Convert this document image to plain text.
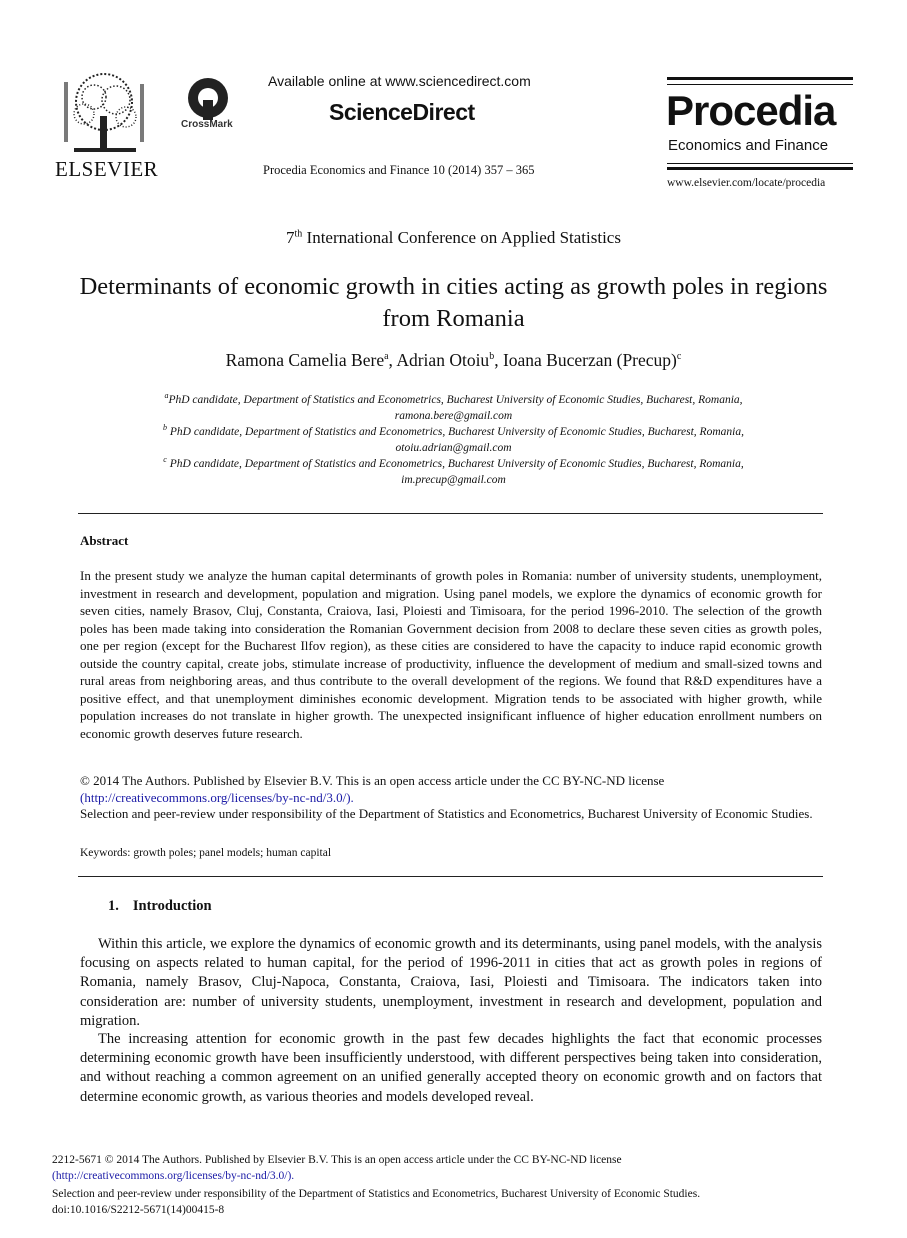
ELSEVIER
CrossMark
Available online at www.sciencedirect.com
ScienceDirect
Procedia Economics and Finance 10 (2014) 357 – 365
Procedia
Economics and Finance
www.elsevier.com/locate/procedia
7th International Conference on Applied Statistics
Determinants of economic growth in cities acting as growth poles in regions from Romania
Ramona Camelia Bere$^a$, Adrian Otoiu$^b$, Ioana Bucerzan (Precup)$^c$
$^a$PhD candidate, Department of Statistics and Econometrics, Bucharest University of Economic Studies, Bucharest, Romania,
ramona.bere@gmail.com
$^b$ PhD candidate, Department of Statistics and Econometrics, Bucharest University of Economic Studies, Bucharest, Romania,
otoiu.adrian@gmail.com
$^c$ PhD candidate, Department of Statistics and Econometrics, Bucharest University of Economic Studies, Bucharest, Romania,
im.precup@gmail.com
Abstract
In the present study we analyze the human capital determinants of growth poles in Romania: number of university students, unemployment, investment in research and development, population and migration. Using panel models, we explore the dynamics of economic growth for seven cities, namely Brasov, Cluj, Constanta, Craiova, Iasi, Ploiesti and Timisoara, for the period 1996-2010. The selection of the growth poles has been made taking into consideration the Romanian Government decision from 2008 to declare these seven cities as growth poles, one per region (except for the Bucharest Ilfov region), as these cities are considered to have the capacity to induce rapid economic growth outside the country capital, create jobs, stimulate increase of productivity, influence the development of medium and small-sized towns and rural areas from neighboring areas, and thus contribute to the overall development of the regions. We found that R&D expenditures have a positive effect, and that unemployment diminishes economic development. Migration tends to be associated with higher growth, while population increases do not translate in higher growth. The unexpected insignificant influence of higher education enrollment numbers on economic growth deserves future research.
© 2014 The Authors. Published by Elsevier B.V. This is an open access article under the CC BY-NC-ND license
(http://creativecommons.org/licenses/by-nc-nd/3.0/).
Selection and peer-review under responsibility of the Department of Statistics and Econometrics, Bucharest University of Economic Studies.
Keywords: growth poles; panel models; human capital
1. Introduction
Within this article, we explore the dynamics of economic growth and its determinants, using panel models, with the analysis focusing on aspects related to human capital, for the period of 1996-2011 in cities that act as growth poles in regions of Romania, namely Brasov, Cluj-Napoca, Constanta, Craiova, Iasi, Ploiesti and Timisoara. The indicators taken into consideration are: number of university students, unemployment, investment in research and development, population and migration.
The increasing attention for economic growth in the past few decades highlights the fact that economic processes determining economic growth have been insufficiently understood, with different perspectives being taken into consideration, and without reaching a common agreement on an unified generally accepted theory on economic growth and on factors that determine economic growth, as various theories and models developed reveal.
2212-5671 © 2014 The Authors. Published by Elsevier B.V. This is an open access article under the CC BY-NC-ND license
(http://creativecommons.org/licenses/by-nc-nd/3.0/).
Selection and peer-review under responsibility of the Department of Statistics and Econometrics, Bucharest University of Economic Studies.
doi:10.1016/S2212-5671(14)00415-8
